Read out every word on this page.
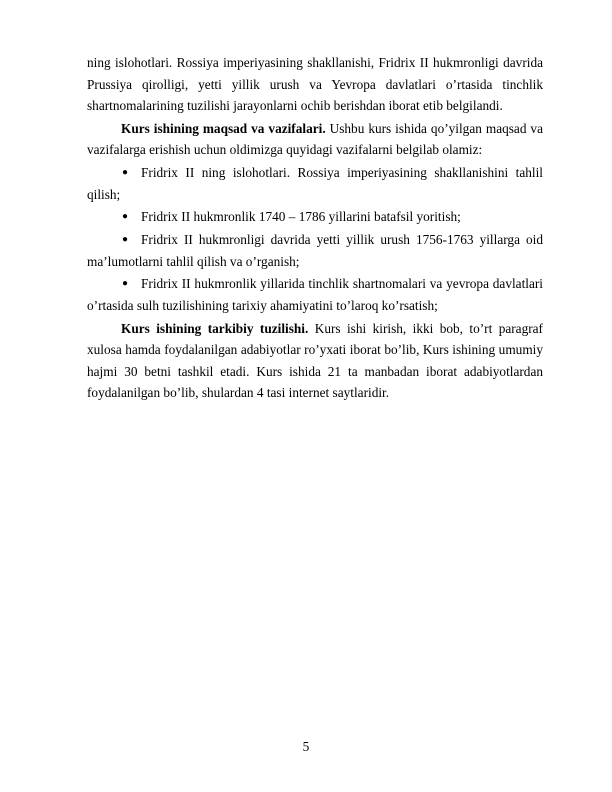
ning islohotlari. Rossiya imperiyasining shakllanishi, Fridrix II hukmronligi davrida Prussiya qirolligi, yetti yillik urush va Yevropa davlatlari o’rtasida tinchlik shartnomalarining tuzilishi jarayonlarni ochib berishdan iborat etib belgilandi.

Kurs ishining maqsad va vazifalari. Ushbu kurs ishida qo’yilgan maqsad va vazifalarga erishish uchun oldimizga quyidagi vazifalarni belgilab olamiz:

● Fridrix II ning islohotlari. Rossiya imperiyasining shakllanishini tahlil qilish;

● Fridrix II hukmronlik 1740 – 1786 yillarini batafsil yoritish;

● Fridrix II hukmronligi davrida yetti yillik urush 1756-1763 yillarga oid ma’lumotlarni tahlil qilish va o’rganish;

● Fridrix II hukmronlik yillarida tinchlik shartnomalari va yevropa davlatlari o’rtasida sulh tuzilishining tarixiy ahamiyatini to’laroq ko’rsatish;

Kurs ishining tarkibiy tuzilishi. Kurs ishi kirish, ikki bob, to’rt paragraf xulosa hamda foydalanilgan adabiyotlar ro’yxati iborat bo’lib, Kurs ishining umumiy hajmi 30 betni tashkil etadi. Kurs ishida 21 ta manbadan iborat adabiyotlardan foydalanilgan bo’lib, shulardan 4 tasi internet saytlaridir.

5
